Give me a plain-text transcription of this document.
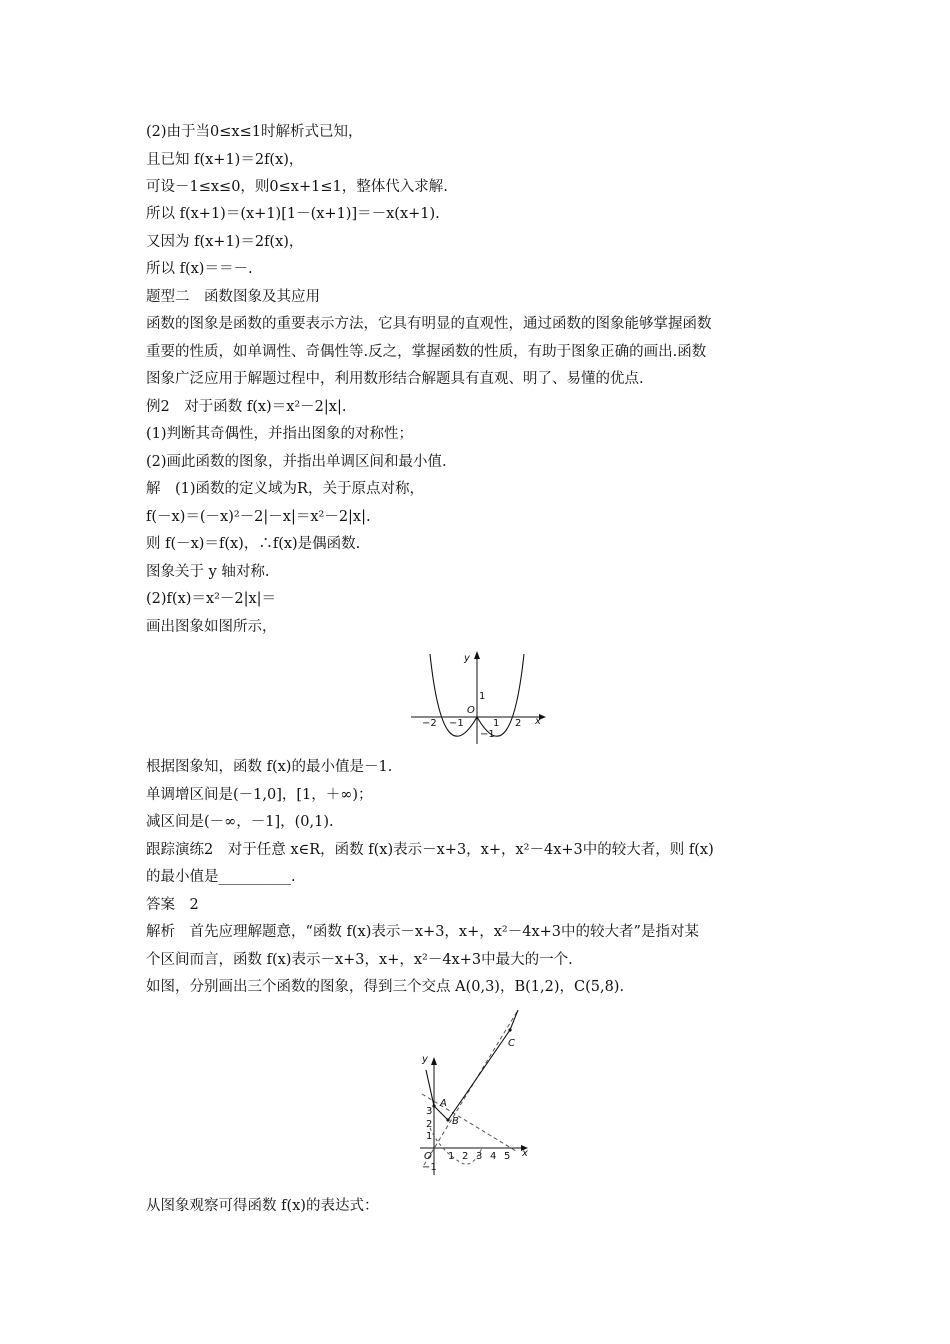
(2)由于当0≤x≤1时解析式已知，
且已知 f(x+1)＝2f(x)，
可设－1≤x≤0，则0≤x+1≤1，整体代入求解.
所以 f(x+1)＝(x+1)[1－(x+1)]＝－x(x+1).
又因为 f(x+1)＝2f(x)，
所以 f(x)＝＝－.
题型二　函数图象及其应用
函数的图象是函数的重要表示方法，它具有明显的直观性，通过函数的图象能够掌握函数
重要的性质，如单调性、奇偶性等.反之，掌握函数的性质，有助于图象正确的画出.函数
图象广泛应用于解题过程中，利用数形结合解题具有直观、明了、易懂的优点.
例2　对于函数 f(x)＝x²－2|x|.
(1)判断其奇偶性，并指出图象的对称性；
(2)画此函数的图象，并指出单调区间和最小值.
解　(1)函数的定义域为R，关于原点对称，
f(－x)＝(－x)²－2|－x|＝x²－2|x|.
则 f(－x)＝f(x)，∴f(x)是偶函数.
图象关于 y 轴对称.
(2)f(x)＝x²－2|x|＝
画出图象如图所示，
y
x
O
−2 −1	1 2
1
−1
根据图象知，函数 f(x)的最小值是－1.
单调增区间是(－1,0]，[1，＋∞)；
减区间是(－∞，－1]，(0,1).
跟踪演练2　对于任意 x∈R，函数 f(x)表示－x+3，x+，x²－4x+3中的较大者，则 f(x)
的最小值是__________.
答案　2
解析　首先应理解题意，“函数 f(x)表示－x+3，x+，x²－4x+3中的较大者”是指对某
个区间而言，函数 f(x)表示－x+3，x+，x²－4x+3中最大的一个.
如图，分别画出三个函数的图象，得到三个交点 A(0,3)，B(1,2)，C(5,8).
A
B
C
y
x
O 1 2 3 4 5
1
2
3
−1
从图象观察可得函数 f(x)的表达式：
